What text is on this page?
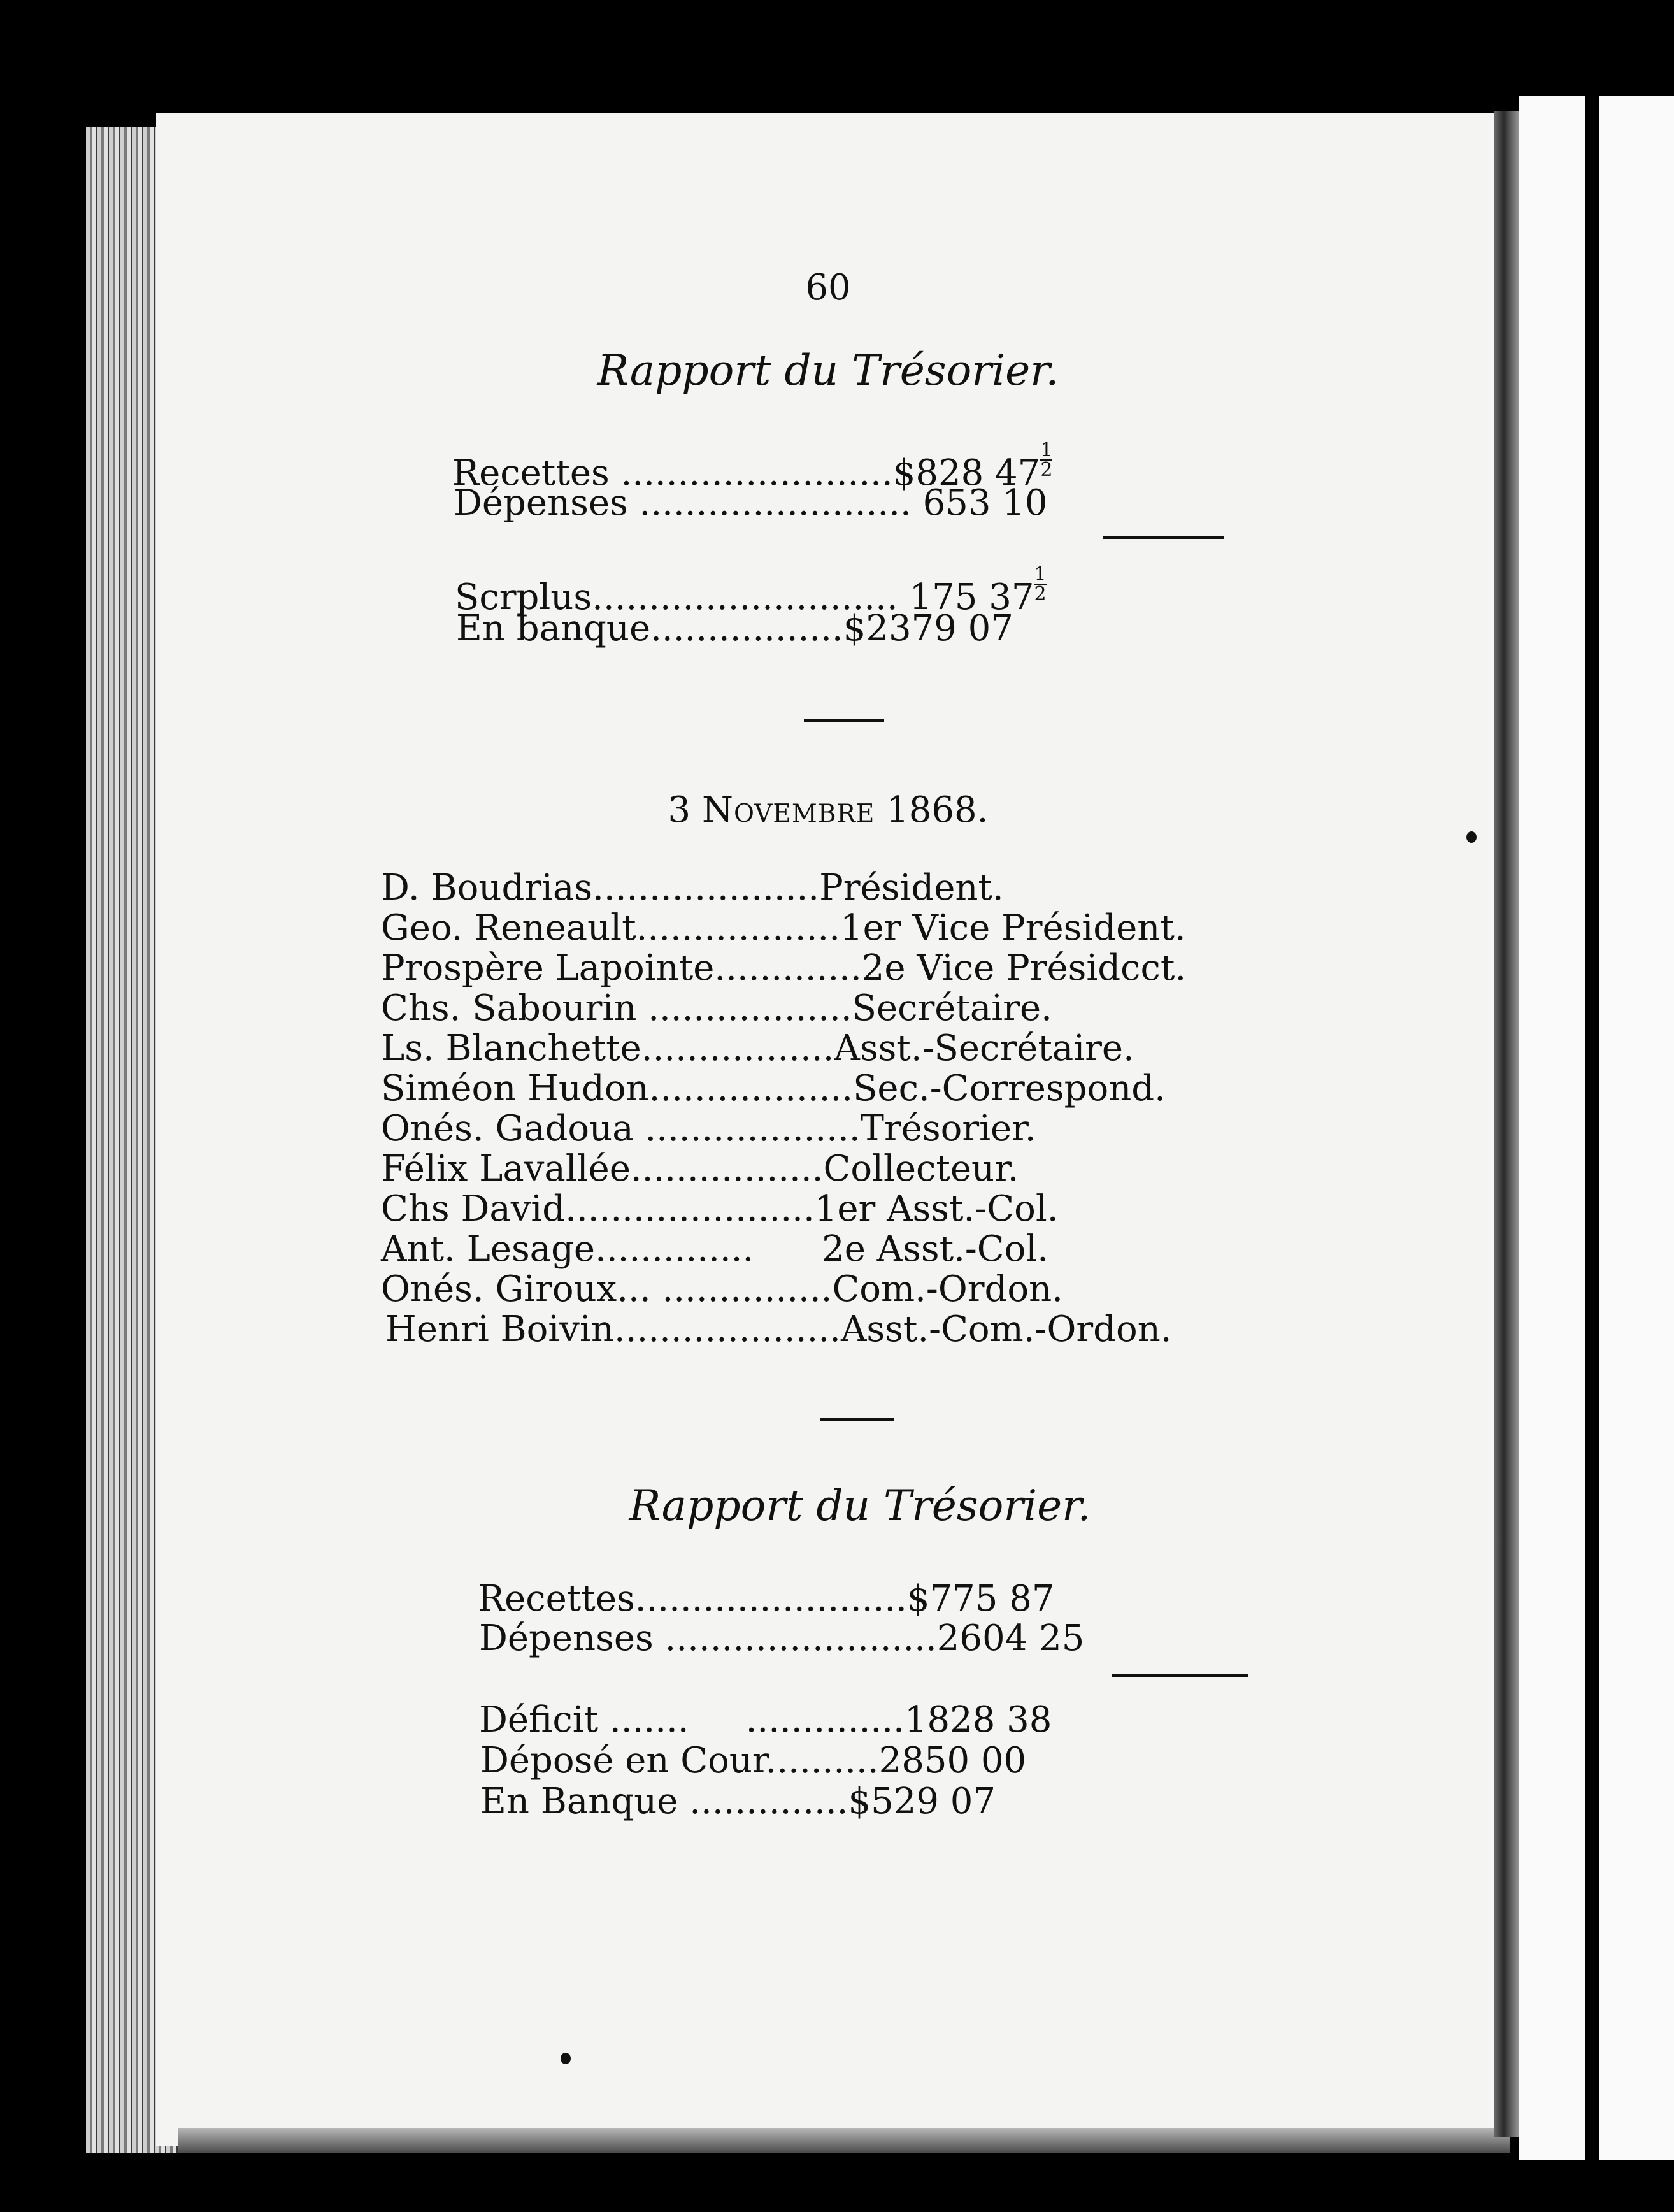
60
Rapport du Trésorier.
Recettes ........................$828 $47 \frac{1}{2}$
Dépenses ........................ 653 10
Scrplus........................... 175 $37 \frac{1}{2}$
En banque.................$2379 07
3 Novembre 1868.
D. Boudrias....................Président.
Geo. Reneault..................1er Vice Président.
Prospère Lapointe.............2e Vice Présidcct.
Chs. Sabourin ..................Secrétaire.
Ls. Blanchette.................Asst.-Secrétaire.
Siméon Hudon..................Sec.-Correspond.
Onés. Gadoua ...................Trésorier.
Félix Lavallée.................Collecteur.
Chs David......................1er Asst.-Col.
Ant. Lesage.............. 2e Asst.-Col.
Onés. Giroux... ...............Com.-Ordon.
Henri Boivin....................Asst.-Com.-Ordon.
Rapport du Trésorier.
Recettes........................$775 87
Dépenses ........................2604 25
Déficit .......     ..............1828 38
Déposé en Cour..........2850 00
En Banque ..............$529 07
